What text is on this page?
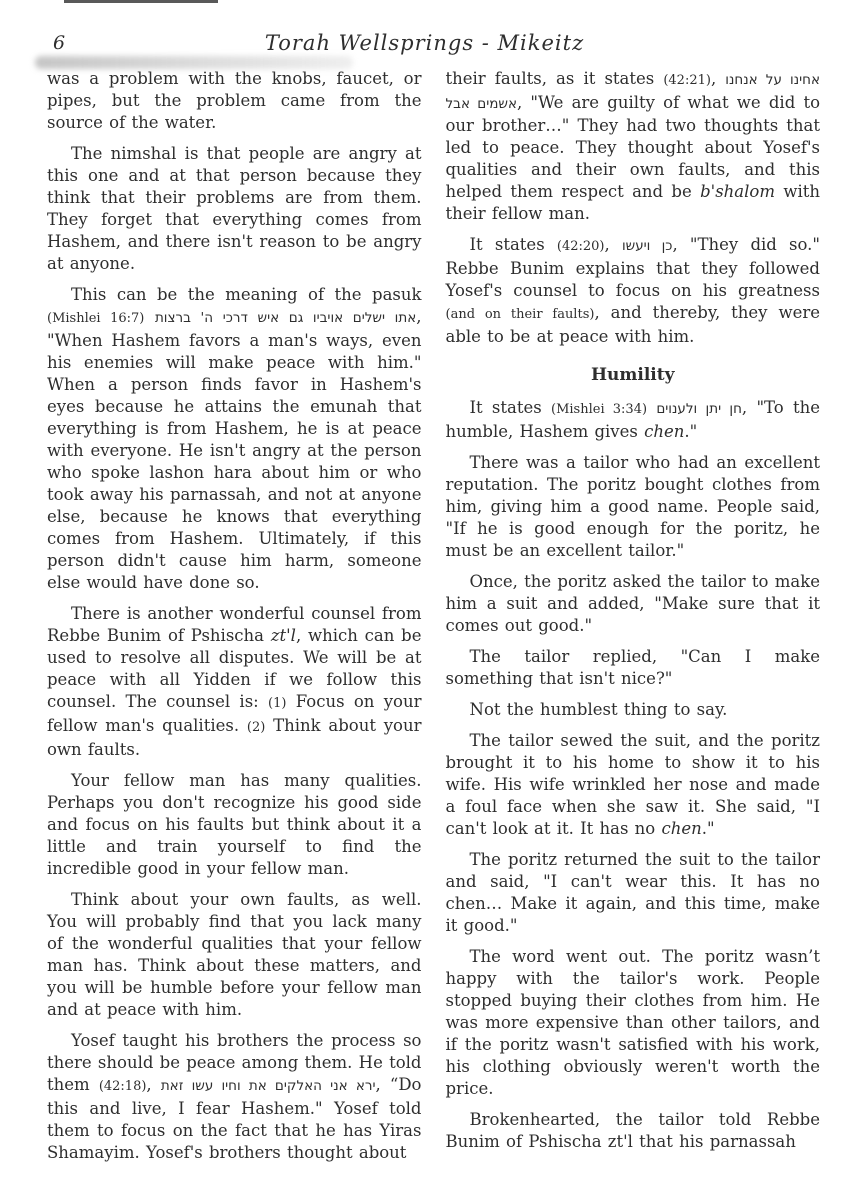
6	Torah Wellsprings - Mikeitz

was a problem with the knobs, faucet, or pipes, but the problem came from the source of the water.

The nimshal is that people are angry at this one and at that person because they think that their problems are from them. They forget that everything comes from Hashem, and there isn't reason to be angry at anyone.

This can be the meaning of the pasuk (Mishlei 16:7) אתו ישלים אויביו גם איש דרכי ה' ברצות, "When Hashem favors a man's ways, even his enemies will make peace with him." When a person finds favor in Hashem's eyes because he attains the emunah that everything is from Hashem, he is at peace with everyone. He isn't angry at the person who spoke lashon hara about him or who took away his parnassah, and not at anyone else, because he knows that everything comes from Hashem. Ultimately, if this person didn't cause him harm, someone else would have done so.

There is another wonderful counsel from Rebbe Bunim of Pshischa zt'l, which can be used to resolve all disputes. We will be at peace with all Yidden if we follow this counsel. The counsel is: (1) Focus on your fellow man's qualities. (2) Think about your own faults.

Your fellow man has many qualities. Perhaps you don't recognize his good side and focus on his faults but think about it a little and train yourself to find the incredible good in your fellow man.

Think about your own faults, as well. You will probably find that you lack many of the wonderful qualities that your fellow man has. Think about these matters, and you will be humble before your fellow man and at peace with him.

Yosef taught his brothers the process so there should be peace among them. He told them (42:18), ירא אני האלקים את וחיו עשו זאת, “Do this and live, I fear Hashem." Yosef told them to focus on the fact that he has Yiras Shamayim. Yosef's brothers thought about

their faults, as it states (42:21), אחינו על אנחנו אשמים אבל, "We are guilty of what we did to our brother…" They had two thoughts that led to peace. They thought about Yosef's qualities and their own faults, and this helped them respect and be b'shalom with their fellow man.

It states (42:20), כן ויעשו, "They did so." Rebbe Bunim explains that they followed Yosef's counsel to focus on his greatness (and on their faults), and thereby, they were able to be at peace with him.

Humility

It states (Mishlei 3:34) חן יתן ולענוים, "To the humble, Hashem gives chen."

There was a tailor who had an excellent reputation. The poritz bought clothes from him, giving him a good name. People said, "If he is good enough for the poritz, he must be an excellent tailor."

Once, the poritz asked the tailor to make him a suit and added, "Make sure that it comes out good."

The tailor replied, "Can I make something that isn't nice?"

Not the humblest thing to say.

The tailor sewed the suit, and the poritz brought it to his home to show it to his wife. His wife wrinkled her nose and made a foul face when she saw it. She said, "I can't look at it. It has no chen."

The poritz returned the suit to the tailor and said, "I can't wear this. It has no chen… Make it again, and this time, make it good."

The word went out. The poritz wasn’t happy with the tailor's work. People stopped buying their clothes from him. He was more expensive than other tailors, and if the poritz wasn't satisfied with his work, his clothing obviously weren't worth the price.

Brokenhearted, the tailor told Rebbe Bunim of Pshischa zt'l that his parnassah
